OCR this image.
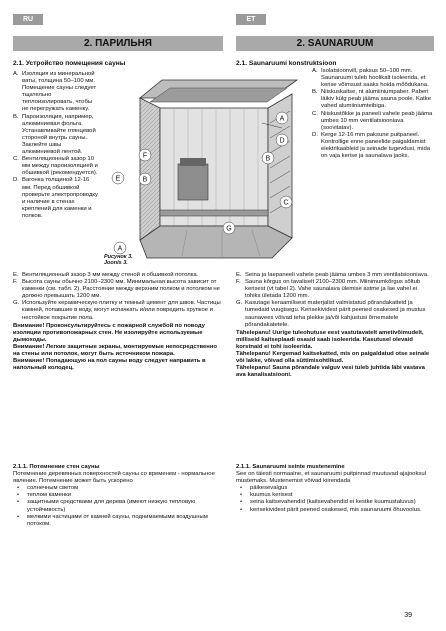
RU	ET
2. ПАРИЛЬНЯ	2. SAUNARUUM
2.1. Устройство помещения сауны	2.1. Saunaruumi konstruktsioon
A. Изоляция из минеральной ваты, толщина 50–100 мм. Помещение сауны следует тщательно теплоизолировать, чтобы не перегружать каменку.
B. Пароизоляция, например, алюминиевая фольга. Устанавливайте глянцевой стороной внутрь сауны. Заклейте швы алюминиевой лентой.
C. Вентиляционный зазор 10 мм между пароизоляцией и обшивкой (рекомендуется).
D. Вагонка толщиной 12-16 мм. Перед обшивкой проверьте электропроводку и наличие в стенах креплений для каменки и полков.
A
B
D
C
F
B
E
G
A
Рисунок 3.
Joonis 3.
A. Isolatsioonvill, paksus 50–100 mm. Saunaruumi tuleb hoolikalt isoleerida, et kerise võimsust saaks hoida mõõdukana.
B. Niiskuskaitse, nt alumiiniumpaber. Paberi läikiv külg peab jääma sauna poole. Katke vahed alumiiniumteibiga.
C. Niiskustõkke ja paneeli vahele peab jääma umbes 10 mm ventilatsiooniava (soovitatav).
D. Kerge 12-16 mm paksune puitpaneel. Kontrollige enne paneelide paigaldamist elektrikaableid ja seinade tugevdusi, mida on vaja kerise ja saunalava jaoks.
E. Вентиляционный зазор 3 мм между стеной и обшивкой потолка.
F. Высота сауны обычно 2100–2300 мм. Минимальная высота зависит от каменки (см. табл. 2). Расстояние между верхним полком и потолком не должно превышать 1200 мм.
G. Используйте керамическую плитку и темный цемент для швов. Частицы камней, попавшие в воду, могут испачкать и/или повредить хрупкое и нестойкое покрытие пола.

Внимание! Проконсультируйтесь с пожарной службой по поводу изоляции противопожарных стен. Не изолируйте используемые дымоходы.

Внимание! Легкие защитные экраны, монтируемые непосредственно на стены или потолок, могут быть источником пожара.

Внимание! Попадающую на пол сауны воду следует направить в напольный колодец.

E. Seina ja laepaneeli vahele peab jääma umbes 3 mm ventilatsiooniava.
F. Sauna kõrgus on tavaliselt 2100–2300 mm. Miinimumkõrgus sõltub kerisest (vt tabel 2). Vahe saunalava ülemise astme ja lae vahel ei tohiks ületada 1200 mm.
G. Kasutage keraamilisest materjalist valmistatud põrandakatteid ja tumedaid vuugisegu. Kerisekividest pärit peened osakesed ja mustus saunavees võivad teha plekke ja/või kahjustusi õrnematele põrandakatetele.

Tähelepanu! Uurige tuleohutuse eest vastutavatelt ametivõimudelt, milliseid kaitseplaadi osasid saab isoleerida. Kasutusel olevaid korstnaid ei tohi isoleerida.

Tähelepanu! Kergemad kaitsekatted, mis on paigaldatud otse seinale või lakke, võivad olla süttimisohtlikud.

Tähelepanu! Sauna põrandale valguv vesi tuleb juhtida läbi vastava ava kanalisatsiooni.

2.1.1. Потемнение стен сауны

Потемнение деревянных поверхностей сауны со временем - нормальное явление. Потемнение может быть ускорено

•	солнечным светом
•	теплом каменки
•	защитными средствами для дерева (имеют низкую тепловую устойчивость)
•	мелкими частицами от камней сауны, поднимаемыми воздушным потоком.

2.1.1. Saunaruumi seinte mustenemine

See on täiesti normaalne, et saunaruumi puitpinnad muutuvad ajajooksul mustemaks. Mustenemist võivad kiirendada

•	päikesevalgus
•	kuumus kerisest
•	seina kaitsevahendid (kaitsevahendid ei kestke kuumustaluvus)
•	kerisekividest pärit peened osakesed, mis saunaruumi õhuvoolus.
39
